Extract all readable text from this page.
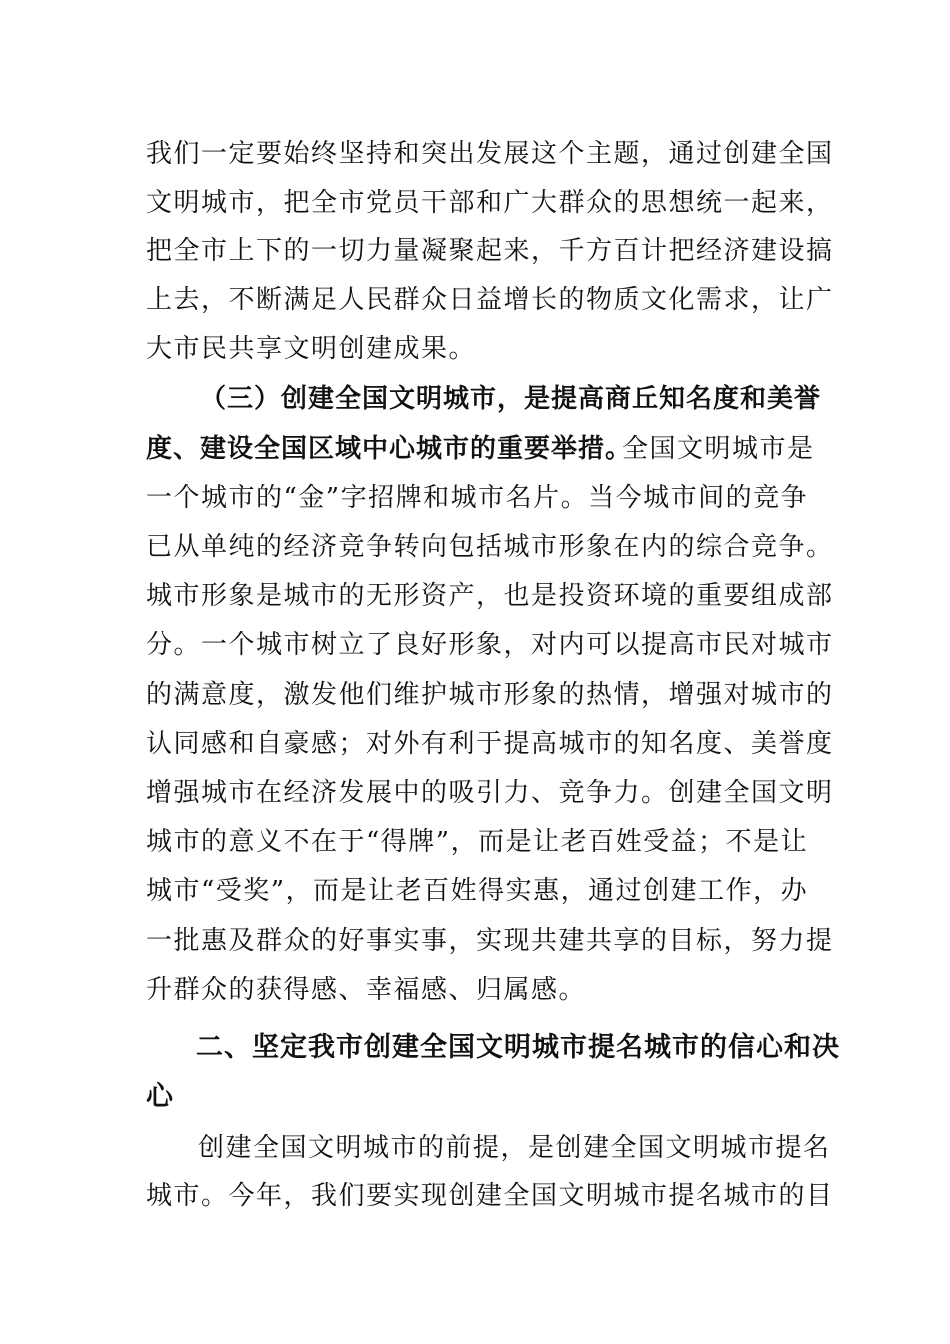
我们一定要始终坚持和突出发展这个主题，通过创建全国
文明城市，把全市党员干部和广大群众的思想统一起来，
把全市上下的一切力量凝聚起来，千方百计把经济建设搞
上去，不断满足人民群众日益增长的物质文化需求，让广
大市民共享文明创建成果。
（三）创建全国文明城市，是提高商丘知名度和美誉
度、建设全国区域中心城市的重要举措。
全国文明城市是
一个城市的“金”字招牌和城市名片。当今城市间的竞争
已从单纯的经济竞争转向包括城市形象在内的综合竞争。
城市形象是城市的无形资产，也是投资环境的重要组成部
分。一个城市树立了良好形象，对内可以提高市民对城市
的满意度，激发他们维护城市形象的热情，增强对城市的
认同感和自豪感；对外有利于提高城市的知名度、美誉度
增强城市在经济发展中的吸引力、竞争力。创建全国文明
城市的意义不在于“得牌”，而是让老百姓受益；不是让
城市“受奖”，而是让老百姓得实惠，通过创建工作，办
一批惠及群众的好事实事，实现共建共享的目标，努力提
升群众的获得感、幸福感、归属感。
二、坚定我市创建全国文明城市提名城市的信心和决
心
创建全国文明城市的前提，是创建全国文明城市提名
城市。今年，我们要实现创建全国文明城市提名城市的目
